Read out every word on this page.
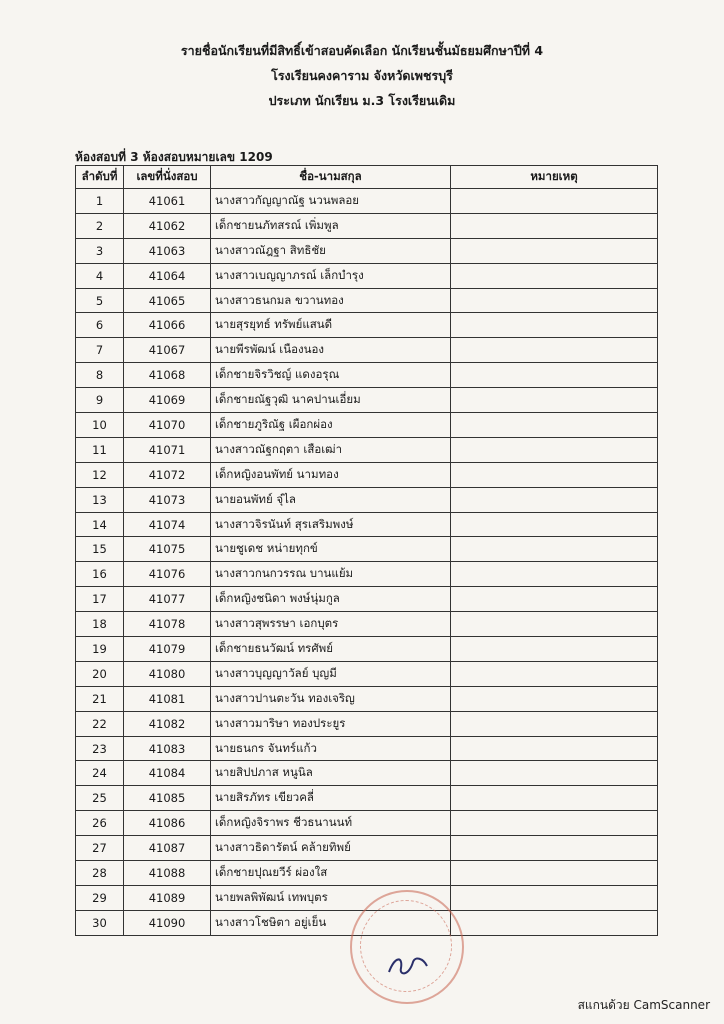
รายชื่อนักเรียนที่มีสิทธิ์เข้าสอบคัดเลือก นักเรียนชั้นมัธยมศึกษาปีที่ 4
โรงเรียนคงคาราม จังหวัดเพชรบุรี
ประเภท นักเรียน ม.3 โรงเรียนเดิม
ห้องสอบที่ 3 ห้องสอบหมายเลข 1209
ลำดับที่	เลขที่นั่งสอบ	ชื่อ-นามสกุล	หมายเหตุ
1	41061	นางสาวกัญญาณัฐ นวนพลอย	
2	41062	เด็กชายนภัทสรณ์ เพิ่มพูล	
3	41063	นางสาวณัฎฐา สิทธิชัย	
4	41064	นางสาวเบญญาภรณ์ เล็กบำรุง	
5	41065	นางสาวธนกมล ขวานทอง	
6	41066	นายสุรยุทธ์ ทรัพย์แสนดี	
7	41067	นายพีรพัฒน์ เนืองนอง	
8	41068	เด็กชายจิรวิชญ์ แดงอรุณ	
9	41069	เด็กชายณัฐวุฒิ นาคปานเอี่ยม	
10	41070	เด็กชายภูริณัฐ เผือกผ่อง	
11	41071	นางสาวณัฐกฤตา เสือเฒ่า	
12	41072	เด็กหญิงอนพัทย์ นามทอง	
13	41073	นายอนพัทย์ จุ๋ไล	
14	41074	นางสาวจิรนันท์ สุรเสริมพงษ์	
15	41075	นายชูเดช หน่ายทุกข์	
16	41076	นางสาวกนกวรรณ บานแย้ม	
17	41077	เด็กหญิงชนิดา พงษ์นุ่มกูล	
18	41078	นางสาวสุพรรษา เอกบุตร	
19	41079	เด็กชายธนวัฒน์ ทรศัพย์	
20	41080	นางสาวบุญญาวัลย์ บุญมี	
21	41081	นางสาวปานตะวัน ทองเจริญ	
22	41082	นางสาวมาริษา ทองประยูร	
23	41083	นายธนกร จันทร์แก้ว	
24	41084	นายสิปปภาส หนูนิล	
25	41085	นายสิรภัทร เขียวคลี่	
26	41086	เด็กหญิงจิราพร ชีวธนานนท์	
27	41087	นางสาวธิดารัตน์ คล้ายทิพย์	
28	41088	เด็กชายปุณยวีร์ ผ่องใส	
29	41089	นายพลพิพัฒน์ เทพบุตร	
30	41090	นางสาวโชษิตา อยู่เย็น	
สแกนด้วย CamScanner
